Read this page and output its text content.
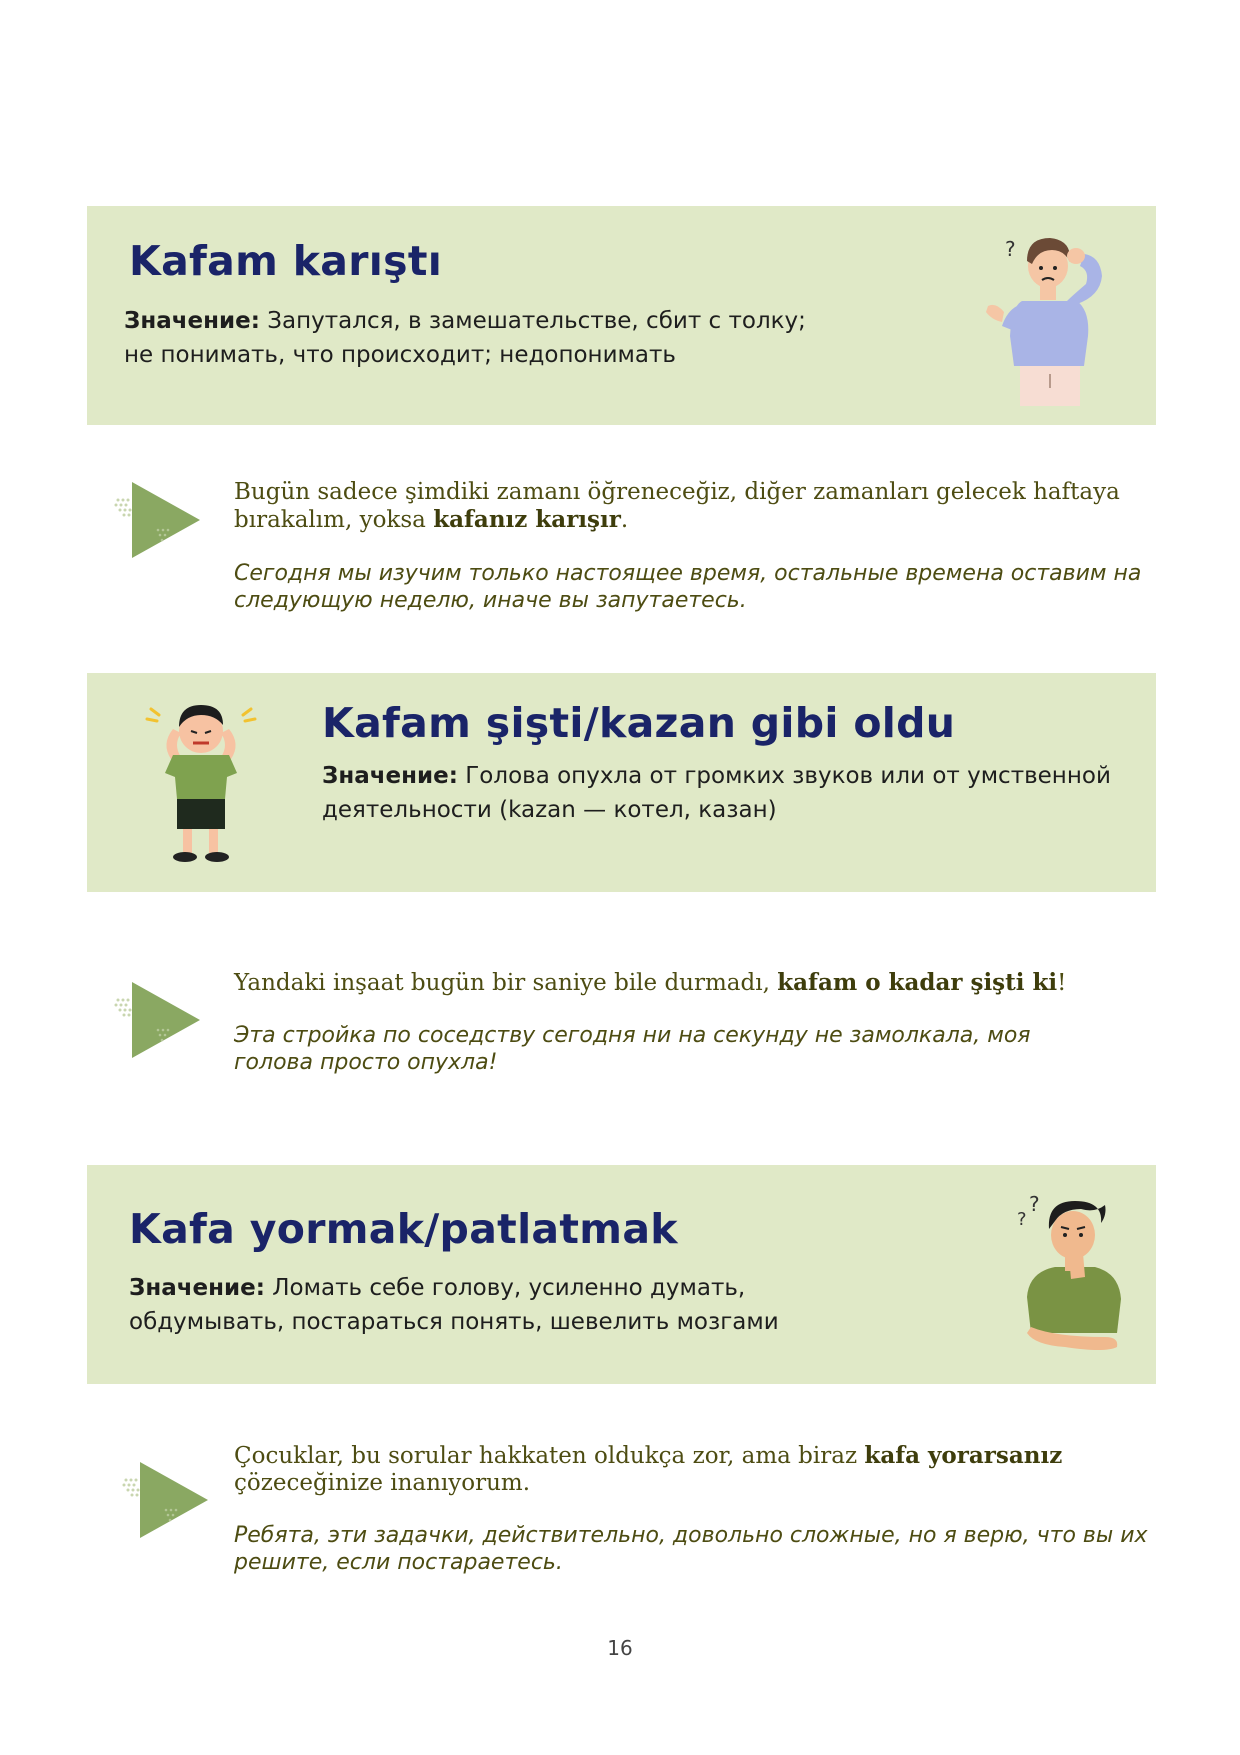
Kafam karıştı
Значение: Запутался, в замешательстве, сбит с толку;
не понимать, что происходит; недопонимать
?
Bugün sadece şimdiki zamanı öğreneceğiz, diğer zamanları gelecek haftaya bırakalım, yoksa kafanız karışır.
Сегодня мы изучим только настоящее время, остальные времена оставим на следующую неделю, иначе вы запутаетесь.
Kafam şişti/kazan gibi oldu
Значение: Голова опухла от громких звуков или от умственной
деятельности (kazan — котел, казан)
Yandaki inşaat bugün bir saniye bile durmadı, kafam o kadar şişti ki!
Эта стройка по соседству сегодня ни на секунду не замолкала, моя голова просто опухла!
Kafa yormak/patlatmak
Значение: Ломать себе голову, усиленно думать,
обдумывать, постараться понять, шевелить мозгами
?
?
Çocuklar, bu sorular hakkaten oldukça zor, ama biraz kafa yorarsanız çözeceğinize inanıyorum.
Ребята, эти задачки, действительно, довольно сложные, но я верю, что вы их решите, если постараетесь.
16
